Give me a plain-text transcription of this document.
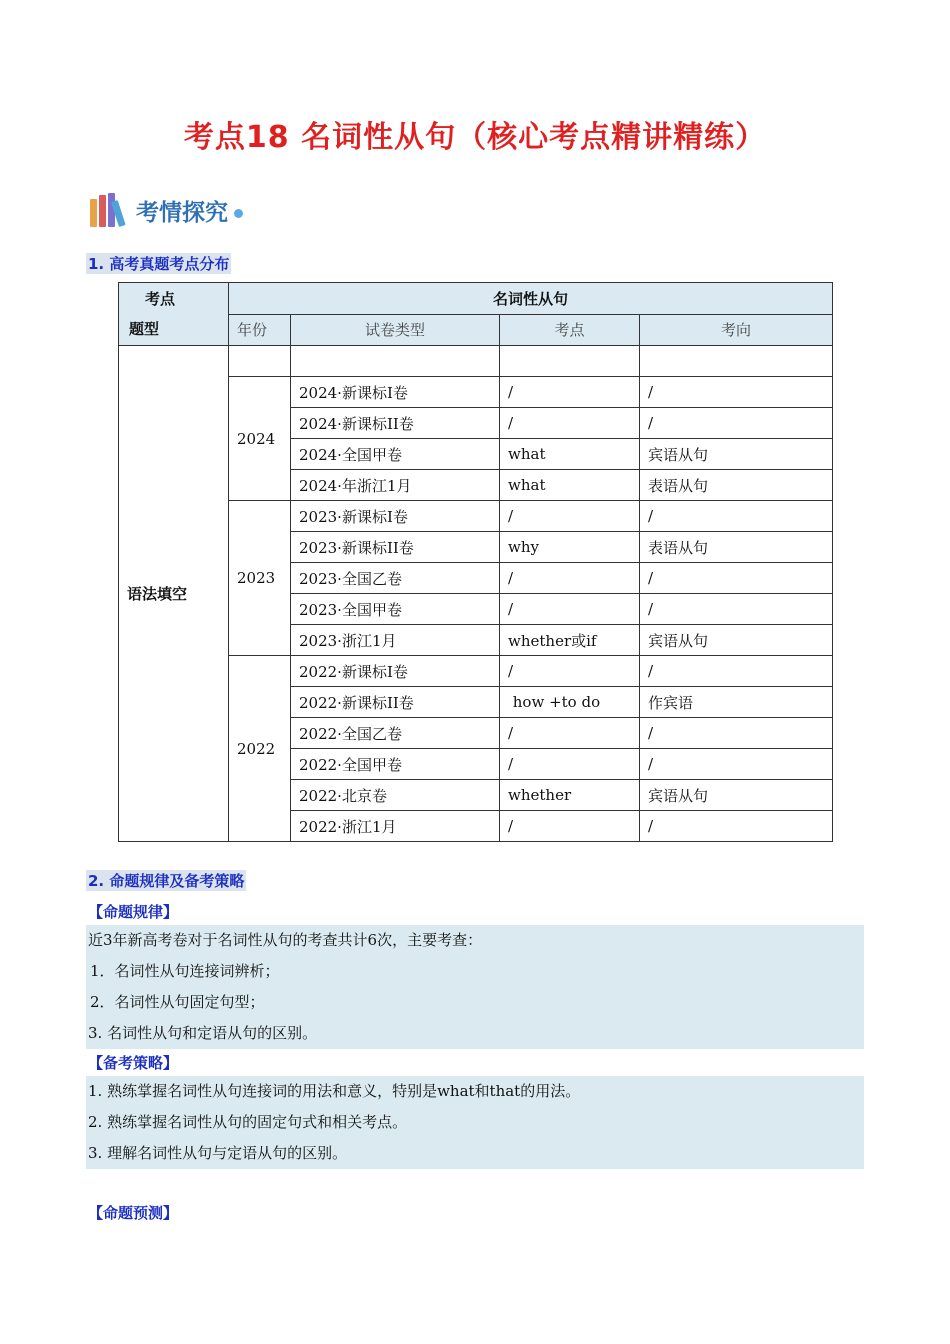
考点18 名词性从句（核心考点精讲精练）
考情探究
1. 高考真题考点分布
考点
题型	名词性从句			
	年份	试卷类型	考点	考向
语法填空				
	2024	2024·新课标I卷	/	/
		2024·新课标II卷	/	/
		2024·全国甲卷	what	宾语从句
		2024·年浙江1月	what	表语从句
	2023	2023·新课标I卷	/	/
		2023·新课标II卷	why	表语从句
		2023·全国乙卷	/	/
		2023·全国甲卷	/	/
		2023·浙江1月	whether或if	宾语从句
	2022	2022·新课标I卷	/	/
		2022·新课标II卷	how +to do	作宾语
		2022·全国乙卷	/	/
		2022·全国甲卷	/	/
		2022·北京卷	whether	宾语从句
		2022·浙江1月	/	/
2. 命题规律及备考策略
【命题规律】
近3年新高考卷对于名词性从句的考查共计6次，主要考查：
1．名词性从句连接词辨析；
2．名词性从句固定句型；
3. 名词性从句和定语从句的区别。
【备考策略】
1. 熟练掌握名词性从句连接词的用法和意义，特别是what和that的用法。
2. 熟练掌握名词性从句的固定句式和相关考点。
3. 理解名词性从句与定语从句的区别。
【命题预测】
